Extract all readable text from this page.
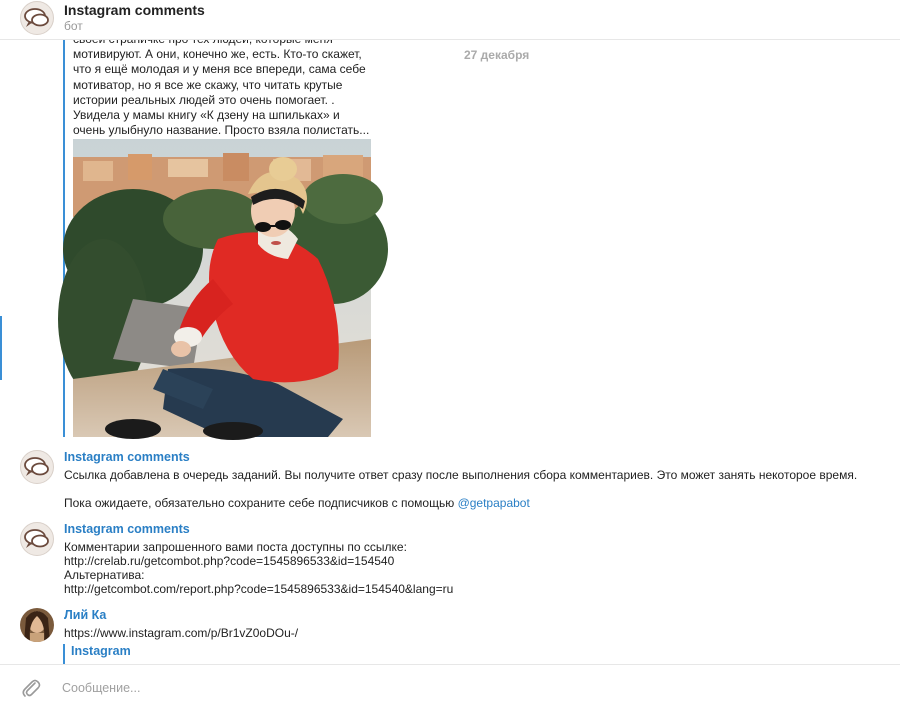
Instagram comments
бот

мотивируют. А они, конечно же, есть. Кто-то скажет,
что я ещё молодая и у меня все впереди, сама себе
мотиватор, но я все же скажу, что читать крутые
истории реальных людей это очень помогает. .
Увидела у мамы книгу «К дзену на шпильках» и
очень улыбнуло название. Просто взяла полистать...
27 декабря
Instagram comments
Ссылка добавлена в очередь заданий. Вы получите ответ сразу после выполнения сбора комментариев. Это может занять некоторое время.
Пока ожидаете, обязательно сохраните себе подписчиков с помощью @getpapabot
Instagram comments
Комментарии запрошенного вами поста доступны по ссылке:
http://crelab.ru/getcombot.php?code=1545896533&id=154540
Альтернатива:
http://getcombot.com/report.php?code=1545896533&id=154540&lang=ru
Лий Ка
https://www.instagram.com/p/Br1vZ0oDOu-/
Instagram
Сообщение...
